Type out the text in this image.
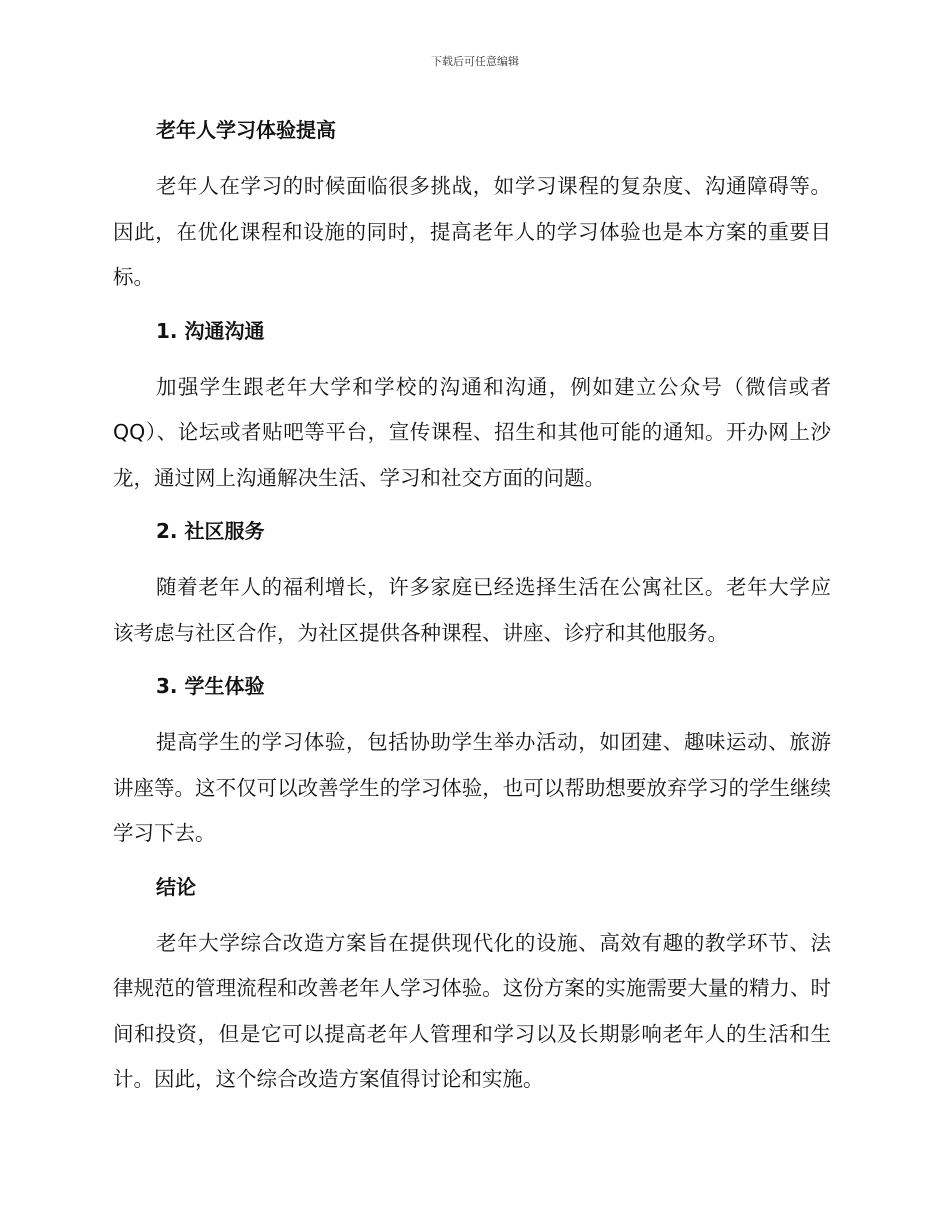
下载后可任意编辑
老年人学习体验提高

老年人在学习的时候面临很多挑战，如学习课程的复杂度、沟通障碍等。因此，在优化课程和设施的同时，提高老年人的学习体验也是本方案的重要目标。

1. 沟通沟通

加强学生跟老年大学和学校的沟通和沟通，例如建立公众号（微信或者QQ）、论坛或者贴吧等平台，宣传课程、招生和其他可能的通知。开办网上沙龙，通过网上沟通解决生活、学习和社交方面的问题。

2. 社区服务

随着老年人的福利增长，许多家庭已经选择生活在公寓社区。老年大学应该考虑与社区合作，为社区提供各种课程、讲座、诊疗和其他服务。

3. 学生体验

提高学生的学习体验，包括协助学生举办活动，如团建、趣味运动、旅游讲座等。这不仅可以改善学生的学习体验，也可以帮助想要放弃学习的学生继续学习下去。

结论

老年大学综合改造方案旨在提供现代化的设施、高效有趣的教学环节、法律规范的管理流程和改善老年人学习体验。这份方案的实施需要大量的精力、时间和投资，但是它可以提高老年人管理和学习以及长期影响老年人的生活和生计。因此，这个综合改造方案值得讨论和实施。
